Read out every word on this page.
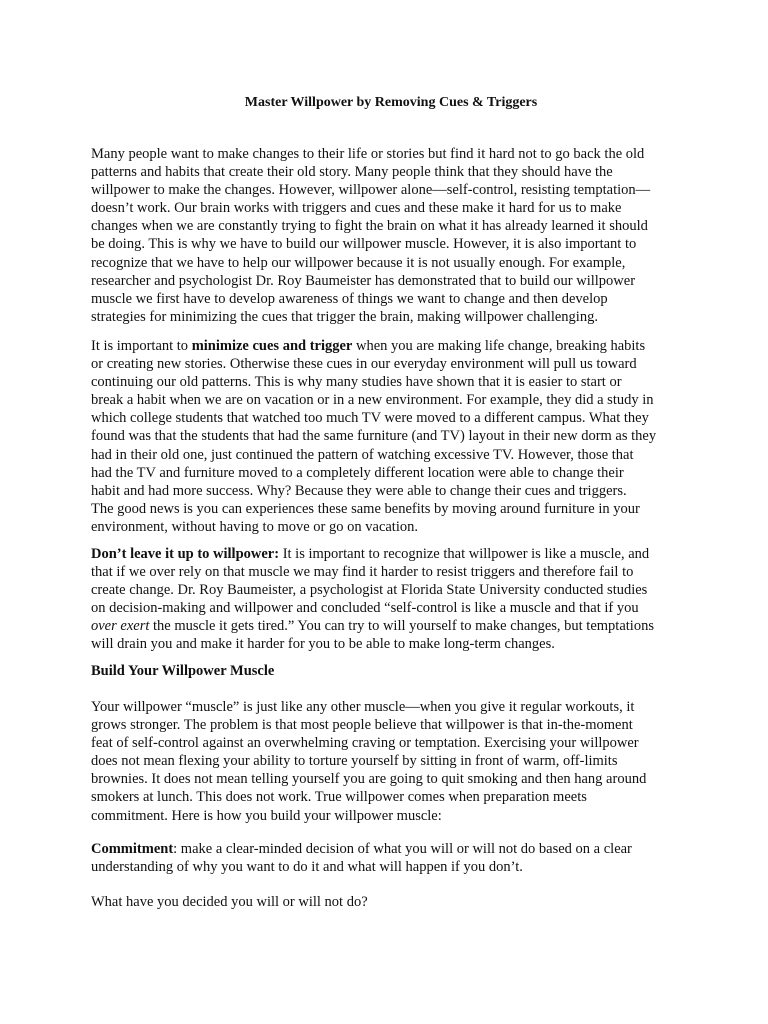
Master Willpower by Removing Cues & Triggers
Many people want to make changes to their life or stories but find it hard not to go back the old
patterns and habits that create their old story. Many people think that they should have the
willpower to make the changes. However, willpower alone—self-control, resisting temptation—
doesn’t work. Our brain works with triggers and cues and these make it hard for us to make
changes when we are constantly trying to fight the brain on what it has already learned it should
be doing. This is why we have to build our willpower muscle. However, it is also important to
recognize that we have to help our willpower because it is not usually enough. For example,
researcher and psychologist Dr. Roy Baumeister has demonstrated that to build our willpower
muscle we first have to develop awareness of things we want to change and then develop
strategies for minimizing the cues that trigger the brain, making willpower challenging.
It is important to minimize cues and trigger when you are making life change, breaking habits
or creating new stories. Otherwise these cues in our everyday environment will pull us toward
continuing our old patterns. This is why many studies have shown that it is easier to start or
break a habit when we are on vacation or in a new environment. For example, they did a study in
which college students that watched too much TV were moved to a different campus. What they
found was that the students that had the same furniture (and TV) layout in their new dorm as they
had in their old one, just continued the pattern of watching excessive TV. However, those that
had the TV and furniture moved to a completely different location were able to change their
habit and had more success. Why? Because they were able to change their cues and triggers.
The good news is you can experiences these same benefits by moving around furniture in your
environment, without having to move or go on vacation.
Don’t leave it up to willpower: It is important to recognize that willpower is like a muscle, and
that if we over rely on that muscle we may find it harder to resist triggers and therefore fail to
create change. Dr. Roy Baumeister, a psychologist at Florida State University conducted studies
on decision-making and willpower and concluded “self-control is like a muscle and that if you
over exert the muscle it gets tired.” You can try to will yourself to make changes, but temptations
will drain you and make it harder for you to be able to make long-term changes.
Build Your Willpower Muscle
Your willpower “muscle” is just like any other muscle—when you give it regular workouts, it
grows stronger. The problem is that most people believe that willpower is that in-the-moment
feat of self-control against an overwhelming craving or temptation. Exercising your willpower
does not mean flexing your ability to torture yourself by sitting in front of warm, off-limits
brownies. It does not mean telling yourself you are going to quit smoking and then hang around
smokers at lunch. This does not work. True willpower comes when preparation meets
commitment. Here is how you build your willpower muscle:
Commitment: make a clear-minded decision of what you will or will not do based on a clear
understanding of why you want to do it and what will happen if you don’t.
What have you decided you will or will not do?
